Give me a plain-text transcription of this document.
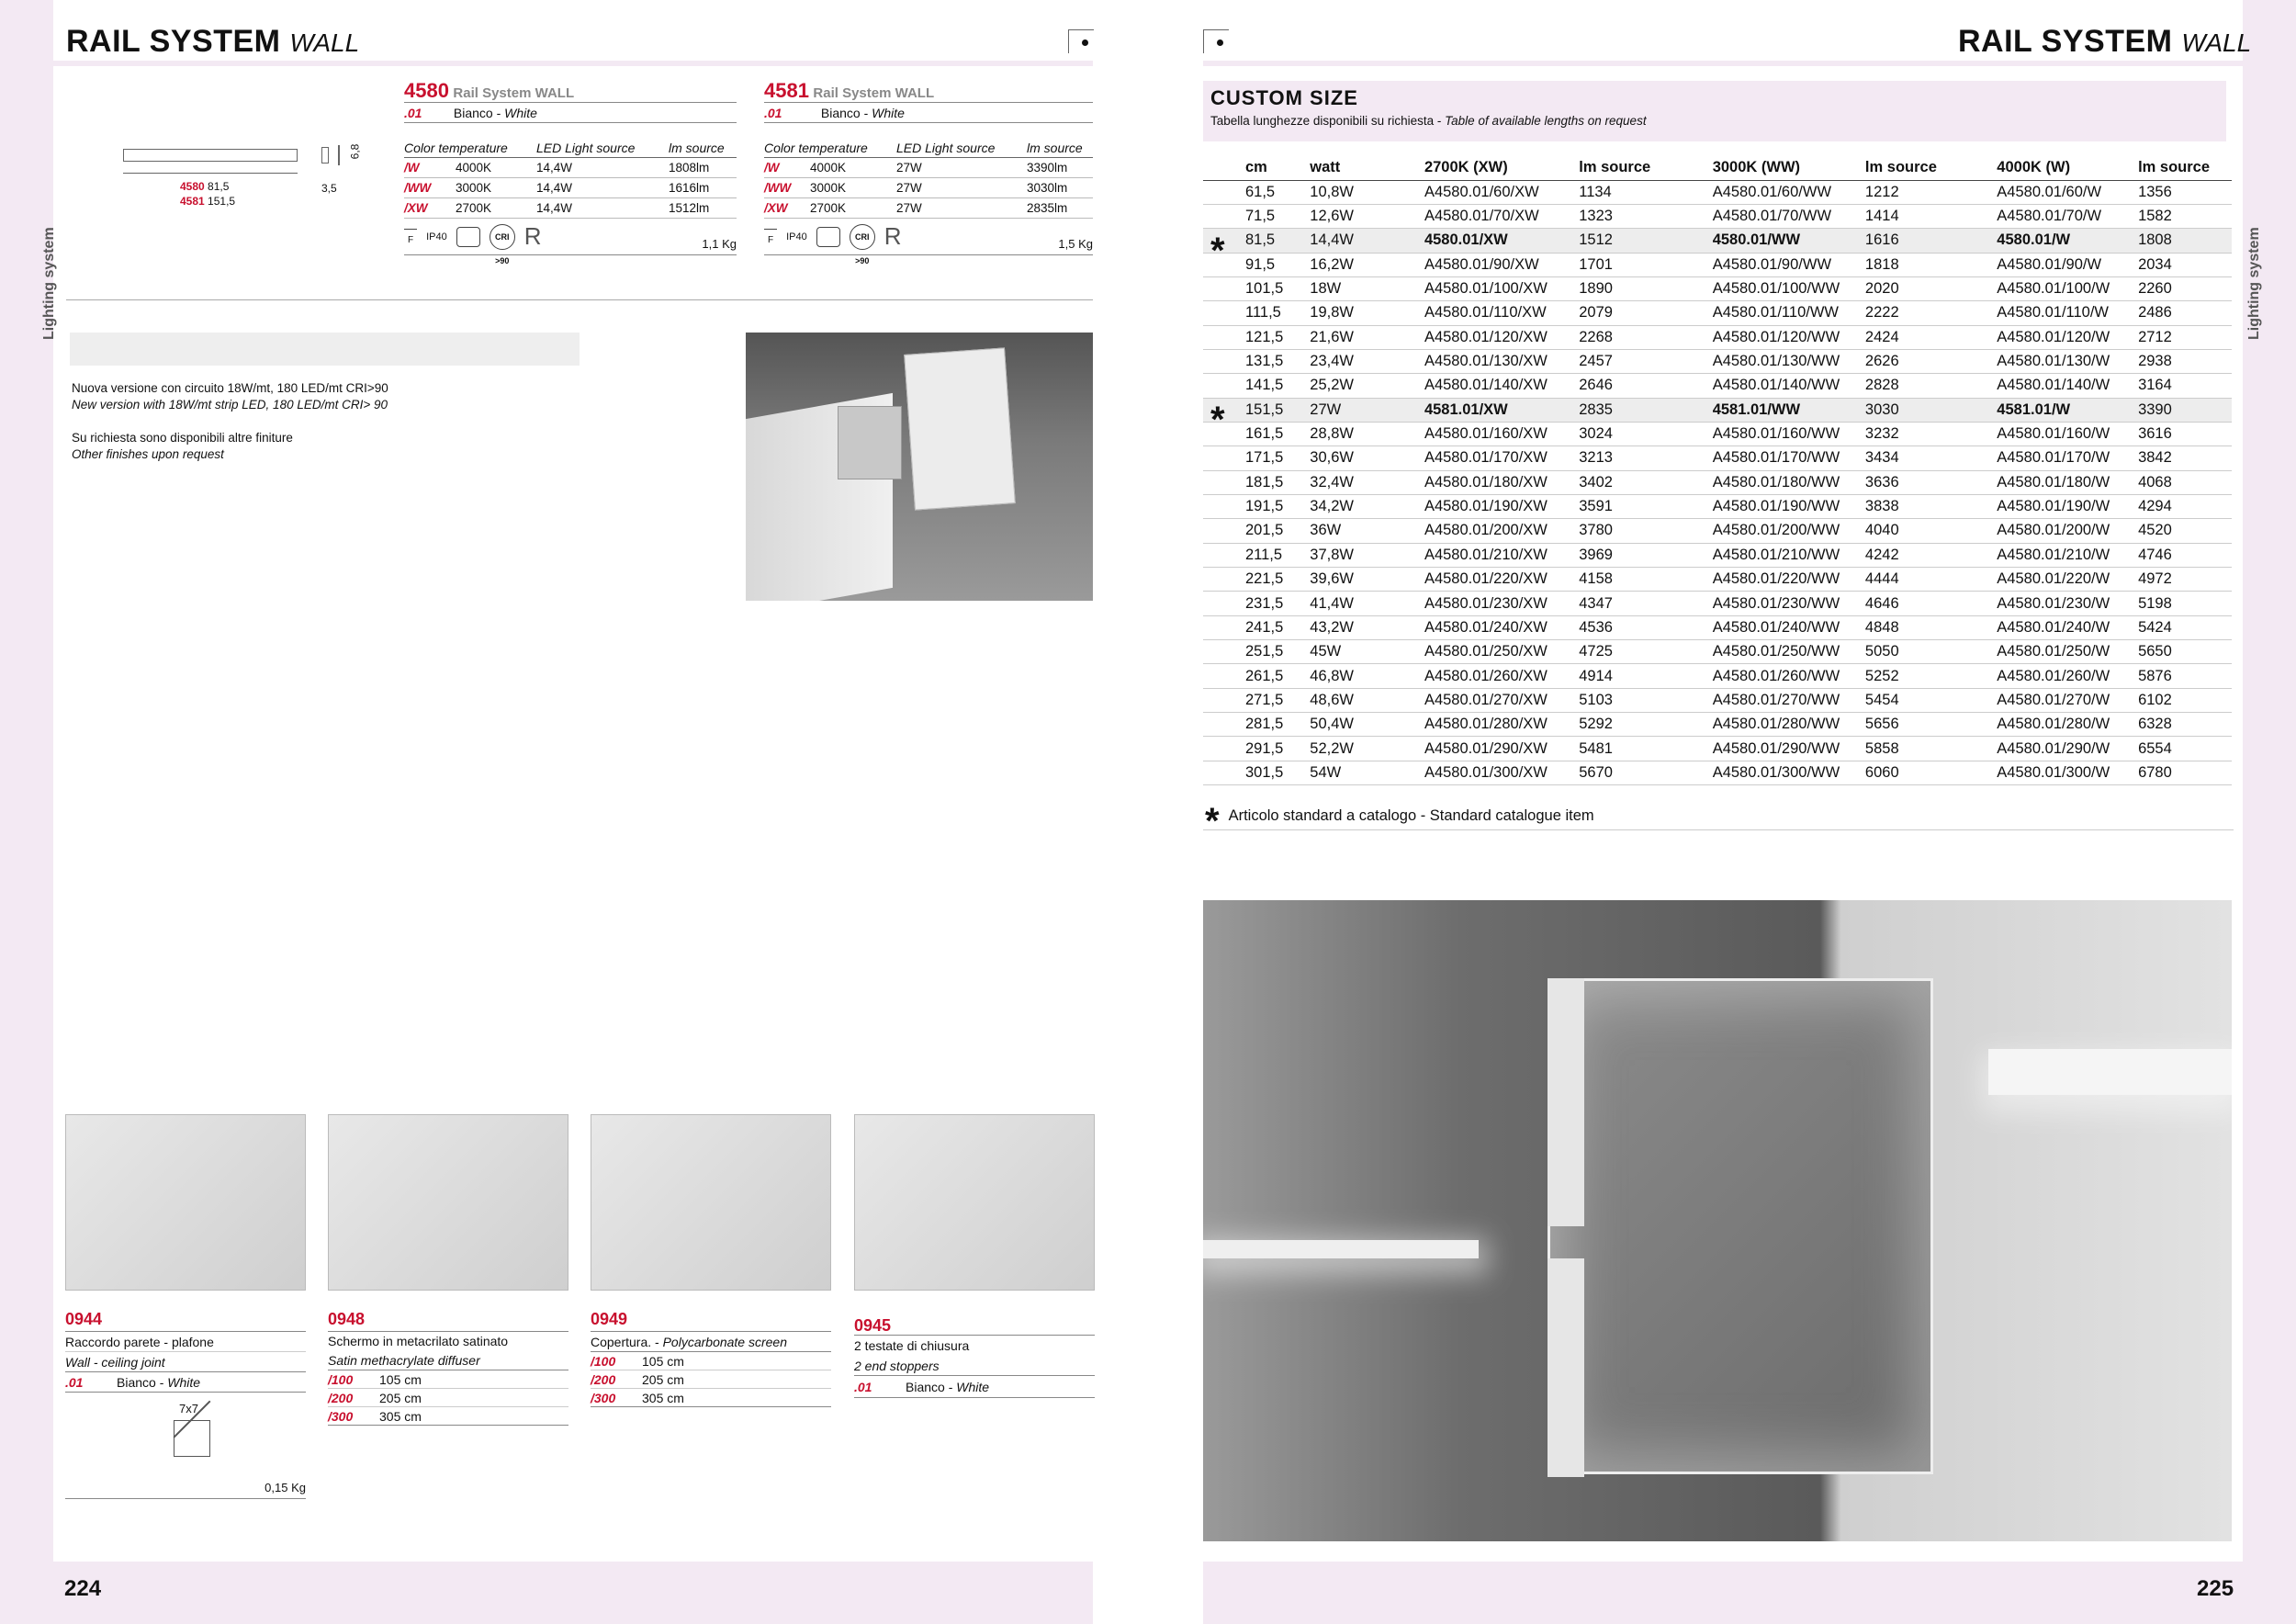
Lighting system
224
RAIL SYSTEM WALL
6,8
3,5
4580 81,5
4581 151,5
4580 Rail System WALL
.01 Bianco - White
Color temperature	LED Light source	lm source
/W	4000K	14,4W	1808lm
/WW	3000K	14,4W	1616lm
/XW	2700K	14,4W	1512lm
F	IP40	CRI >90
R	1,1 Kg
4581 Rail System WALL
.01	Bianco - White
Color temperature	LED Light source	lm source
/W	4000K	27W	3390lm
/WW	3000K	27W	3030lm
/XW	2700K	27W	2835lm
F	IP40	CRI >90
R	1,5 Kg
Nuova versione con circuito 18W/mt, 180 LED/mt CRI>90
New version with 18W/mt strip LED, 180 LED/mt CRI> 90
Su richiesta sono disponibili altre finiture
Other finishes upon request
0944
Raccordo parete - plafone
Wall - ceiling joint
.01	Bianco - White
7x7
0,15 Kg
0948
Schermo in metacrilato satinato
Satin methacrylate diffuser
/100 105 cm
/200 205 cm
/300 305 cm
0949
Copertura. - Polycarbonate screen
/100 105 cm
/200 205 cm
/300 305 cm
0945
2 testate di chiusura
2 end stoppers
.01	Bianco - White
Lighting system
225
RAIL SYSTEM WALL
CUSTOM SIZE
Tabella lunghezze disponibili su richiesta - Table of available lengths on request
cm	watt	2700K (XW)	lm source	3000K (WW)	lm source	4000K (W)	lm source
61,5	10,8W	A4580.01/60/XW	1134	A4580.01/60/WW	1212	A4580.01/60/W	1356
71,5	12,6W	A4580.01/70/XW	1323	A4580.01/70/WW	1414	A4580.01/70/W	1582
81,5	14,4W	4580.01/XW	1512	4580.01/WW	1616	4580.01/W	1808
91,5	16,2W	A4580.01/90/XW	1701	A4580.01/90/WW	1818	A4580.01/90/W	2034
101,5	18W	A4580.01/100/XW	1890	A4580.01/100/WW	2020	A4580.01/100/W	2260
111,5	19,8W	A4580.01/110/XW	2079	A4580.01/110/WW	2222	A4580.01/110/W	2486
121,5	21,6W	A4580.01/120/XW	2268	A4580.01/120/WW	2424	A4580.01/120/W	2712
131,5	23,4W	A4580.01/130/XW	2457	A4580.01/130/WW	2626	A4580.01/130/W	2938
141,5	25,2W	A4580.01/140/XW	2646	A4580.01/140/WW	2828	A4580.01/140/W	3164
151,5	27W	4581.01/XW	2835	4581.01/WW	3030	4581.01/W	3390
161,5	28,8W	A4580.01/160/XW	3024	A4580.01/160/WW	3232	A4580.01/160/W	3616
171,5	30,6W	A4580.01/170/XW	3213	A4580.01/170/WW	3434	A4580.01/170/W	3842
181,5	32,4W	A4580.01/180/XW	3402	A4580.01/180/WW	3636	A4580.01/180/W	4068
191,5	34,2W	A4580.01/190/XW	3591	A4580.01/190/WW	3838	A4580.01/190/W	4294
201,5	36W	A4580.01/200/XW	3780	A4580.01/200/WW	4040	A4580.01/200/W	4520
211,5	37,8W	A4580.01/210/XW	3969	A4580.01/210/WW	4242	A4580.01/210/W	4746
221,5	39,6W	A4580.01/220/XW	4158	A4580.01/220/WW	4444	A4580.01/220/W	4972
231,5	41,4W	A4580.01/230/XW	4347	A4580.01/230/WW	4646	A4580.01/230/W	5198
241,5	43,2W	A4580.01/240/XW	4536	A4580.01/240/WW	4848	A4580.01/240/W	5424
251,5	45W	A4580.01/250/XW	4725	A4580.01/250/WW	5050	A4580.01/250/W	5650
261,5	46,8W	A4580.01/260/XW	4914	A4580.01/260/WW	5252	A4580.01/260/W	5876
271,5	48,6W	A4580.01/270/XW	5103	A4580.01/270/WW	5454	A4580.01/270/W	6102
281,5	50,4W	A4580.01/280/XW	5292	A4580.01/280/WW	5656	A4580.01/280/W	6328
291,5	52,2W	A4580.01/290/XW	5481	A4580.01/290/WW	5858	A4580.01/290/W	6554
301,5	54W	A4580.01/300/XW	5670	A4580.01/300/WW	6060	A4580.01/300/W	6780
*
*
* Articolo standard a catalogo - Standard catalogue item
